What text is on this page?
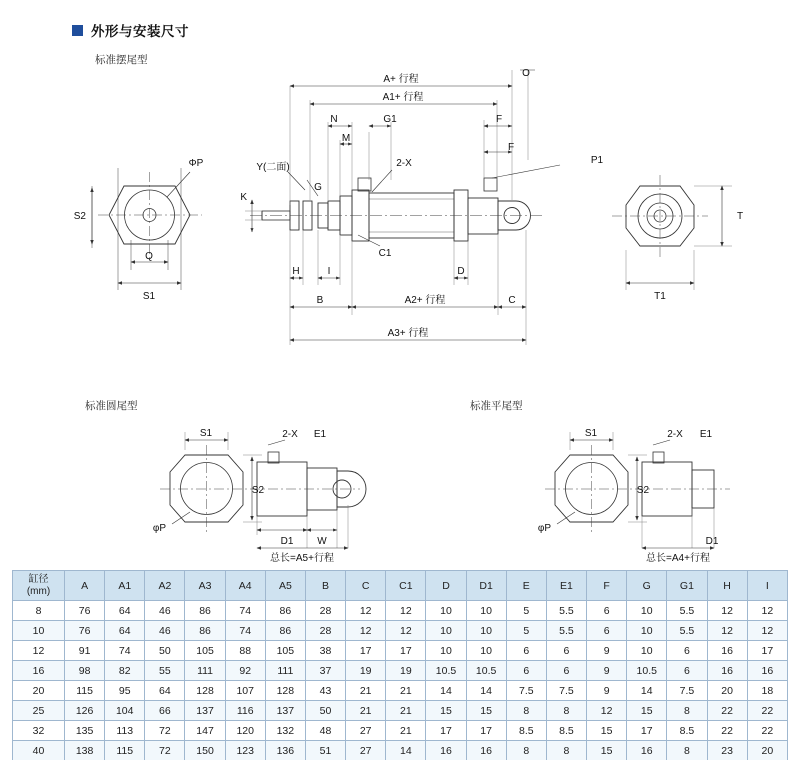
外形与安装尺寸
标准摆尾型
标准圆尾型	标准平尾型
A+ 行程
A1+ 行程
O
N	G1
M
F
F
P1
ΦP	Y(二面)	2-X
G
K
S2
Q
S1
H	I
C1
D
B	A2+ 行程	C
A3+ 行程
T
T1
S1	2-X E1
S2
φP
D1 W
总长=A5+行程
S1	2-X E1
S2
φP
D1
总长=A4+行程
缸径
(mm)	A	A1	A2	A3	A4	A5	B	C	C1	D	D1	E	E1	F	G	G1	H	I
8	76	64	46	86	74	86	28	12	12	10	10	5	5.5	6	10	5.5	12	12
10	76	64	46	86	74	86	28	12	12	10	10	5	5.5	6	10	5.5	12	12
12	91	74	50	105	88	105	38	17	17	10	10	6	6	9	10	6	16	17
16	98	82	55	111	92	111	37	19	19	10.5	10.5	6	6	9	10.5	6	16	16
20	115	95	64	128	107	128	43	21	21	14	14	7.5	7.5	9	14	7.5	20	18
25	126	104	66	137	116	137	50	21	21	15	15	8	8	12	15	8	22	22
32	135	113	72	147	120	132	48	27	21	17	17	8.5	8.5	15	17	8.5	22	22
40	138	115	72	150	123	136	51	27	14	16	16	8	8	15	16	8	23	20
